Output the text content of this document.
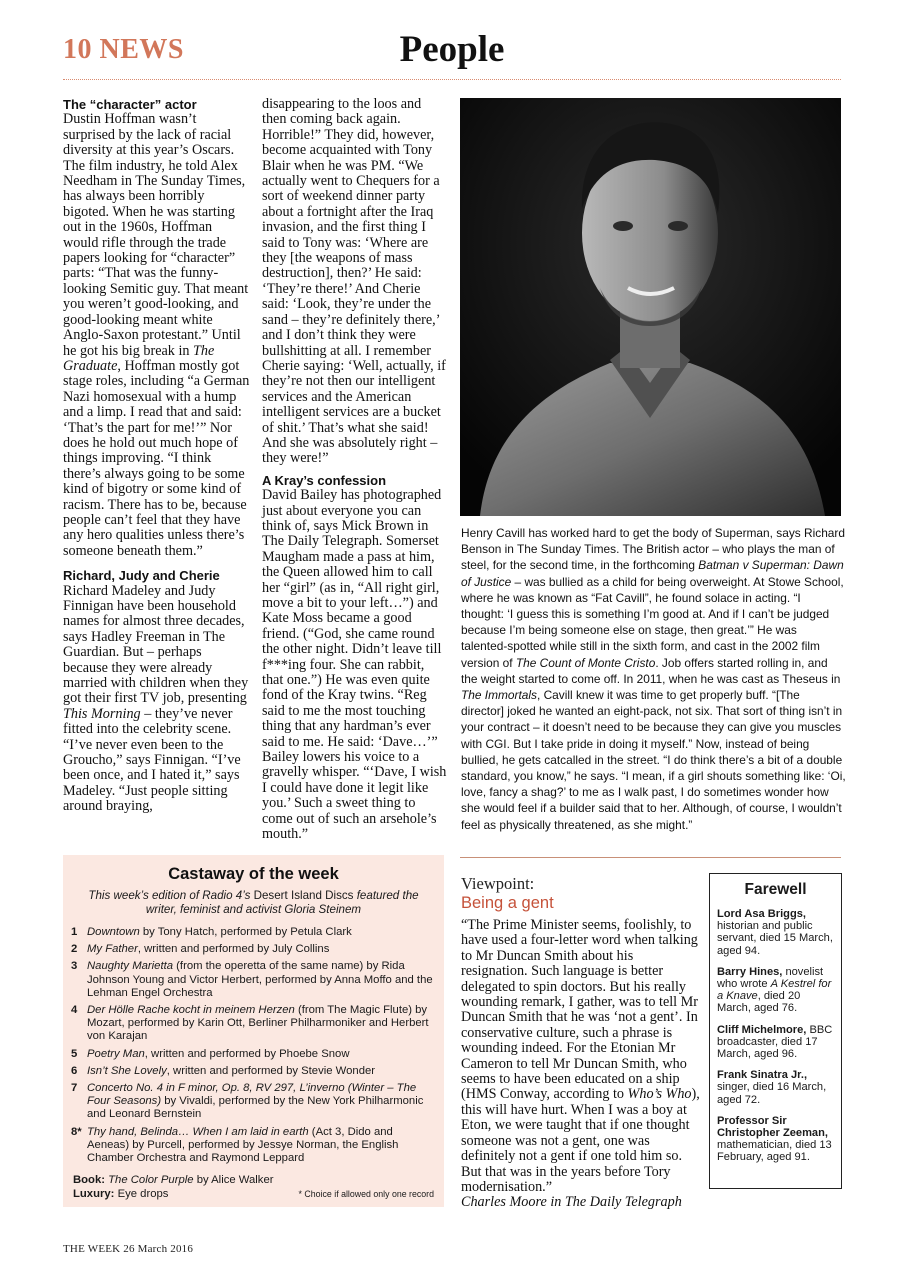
10 NEWS	People
The “character” actor

Dustin Hoffman wasn’t surprised by the lack of racial diversity at this year’s Oscars. The film industry, he told Alex Needham in The Sunday Times, has always been horribly bigoted. When he was starting out in the 1960s, Hoffman would rifle through the trade papers looking for “character” parts: “That was the funny-looking Semitic guy. That meant you weren’t good-looking, and good-looking meant white Anglo-Saxon protestant.” Until he got his big break in The Graduate, Hoffman mostly got stage roles, including “a German Nazi homosexual with a hump and a limp. I read that and said: ‘That’s the part for me!’” Nor does he hold out much hope of things improving. “I think there’s always going to be some kind of bigotry or some kind of racism. There has to be, because people can’t feel that they have any hero qualities unless there’s someone beneath them.”

Richard, Judy and Cherie

Richard Madeley and Judy Finnigan have been household names for almost three decades, says Hadley Freeman in The Guardian. But – perhaps because they were already married with children when they got their first TV job, presenting This Morning – they’ve never fitted into the celebrity scene. “I’ve never even been to the Groucho,” says Finnigan. “I’ve been once, and I hated it,” says Madeley. “Just people sitting around braying,

disappearing to the loos and then coming back again. Horrible!” They did, however, become acquainted with Tony Blair when he was PM. “We actually went to Chequers for a sort of weekend dinner party about a fortnight after the Iraq invasion, and the first thing I said to Tony was: ‘Where are they [the weapons of mass destruction], then?’ He said: ‘They’re there!’ And Cherie said: ‘Look, they’re under the sand – they’re definitely there,’ and I don’t think they were bullshitting at all. I remember Cherie saying: ‘Well, actually, if they’re not then our intelligent services and the American intelligent services are a bucket of shit.’ That’s what she said! And she was absolutely right – they were!”

A Kray’s confession

David Bailey has photographed just about everyone you can think of, says Mick Brown in The Daily Telegraph. Somerset Maugham made a pass at him, the Queen allowed him to call her “girl” (as in, “All right girl, move a bit to your left…”) and Kate Moss became a good friend. (“God, she came round the other night. Didn’t leave till f***ing four. She can rabbit, that one.”) He was even quite fond of the Kray twins. “Reg said to me the most touching thing that any hardman’s ever said to me. He said: ‘Dave…’” Bailey lowers his voice to a gravelly whisper. “‘Dave, I wish I could have done it legit like you.’ Such a sweet thing to come out of such an arsehole’s mouth.”

Henry Cavill has worked hard to get the body of Superman, says Richard Benson in The Sunday Times. The British actor – who plays the man of steel, for the second time, in the forthcoming Batman v Superman: Dawn of Justice – was bullied as a child for being overweight. At Stowe School, where he was known as “Fat Cavill”, he found solace in acting. “I thought: ‘I guess this is something I’m good at. And if I can’t be judged because I’m being someone else on stage, then great.’” He was talented-spotted while still in the sixth form, and cast in the 2002 film version of The Count of Monte Cristo. Job offers started rolling in, and the weight started to come off. In 2011, when he was cast as Theseus in The Immortals, Cavill knew it was time to get properly buff. “[The director] joked he wanted an eight-pack, not six. That sort of thing isn’t in your contract – it doesn’t need to be because they can give you muscles with CGI. But I take pride in doing it myself.” Now, instead of being bullied, he gets catcalled in the street. “I do think there’s a bit of a double standard, you know,” he says. “I mean, if a girl shouts something like: ‘Oi, love, fancy a shag?’ to me as I walk past, I do sometimes wonder how she would feel if a builder said that to her. Although, of course, I wouldn’t feel as physically threatened, as she might.”
Castaway of the week
This week’s edition of Radio 4’s Desert Island Discs featured the writer, feminist and activist Gloria Steinem
1 Downtown by Tony Hatch, performed by Petula Clark
2 My Father, written and performed by July Collins
3 Naughty Marietta (from the operetta of the same name) by Rida Johnson Young and Victor Herbert, performed by Anna Moffo and the Lehman Engel Orchestra
4 Der Hölle Rache kocht in meinem Herzen (from The Magic Flute) by Mozart, performed by Karin Ott, Berliner Philharmoniker and Herbert von Karajan
5 Poetry Man, written and performed by Phoebe Snow
6 Isn’t She Lovely, written and performed by Stevie Wonder
7 Concerto No. 4 in F minor, Op. 8, RV 297, L’inverno (Winter – The Four Seasons) by Vivaldi, performed by the New York Philharmonic and Leonard Bernstein
8* Thy hand, Belinda… When I am laid in earth (Act 3, Dido and Aeneas) by Purcell, performed by Jessye Norman, the English Chamber Orchestra and Raymond Leppard
Book: The Color Purple by Alice Walker
Luxury: Eye drops	* Choice if allowed only one record
Viewpoint:
Being a gent

“The Prime Minister seems, foolishly, to have used a four-letter word when talking to Mr Duncan Smith about his resignation. Such language is better delegated to spin doctors. But his really wounding remark, I gather, was to tell Mr Duncan Smith that he was ‘not a gent’. In conservative culture, such a phrase is wounding indeed. For the Etonian Mr Cameron to tell Mr Duncan Smith, who seems to have been educated on a ship (HMS Conway, according to Who’s Who), this will have hurt. When I was a boy at Eton, we were taught that if one thought someone was not a gent, one was definitely not a gent if one told him so. But that was in the years before Tory modernisation.”

Charles Moore in The Daily Telegraph

Farewell
Lord Asa Briggs, historian and public servant, died 15 March, aged 94.
Barry Hines, novelist who wrote A Kestrel for a Knave, died 20 March, aged 76.
Cliff Michelmore, BBC broadcaster, died 17 March, aged 96.
Frank Sinatra Jr., singer, died 16 March, aged 72.
Professor Sir Christopher Zeeman, mathematician, died 13 February, aged 91.
THE WEEK 26 March 2016
